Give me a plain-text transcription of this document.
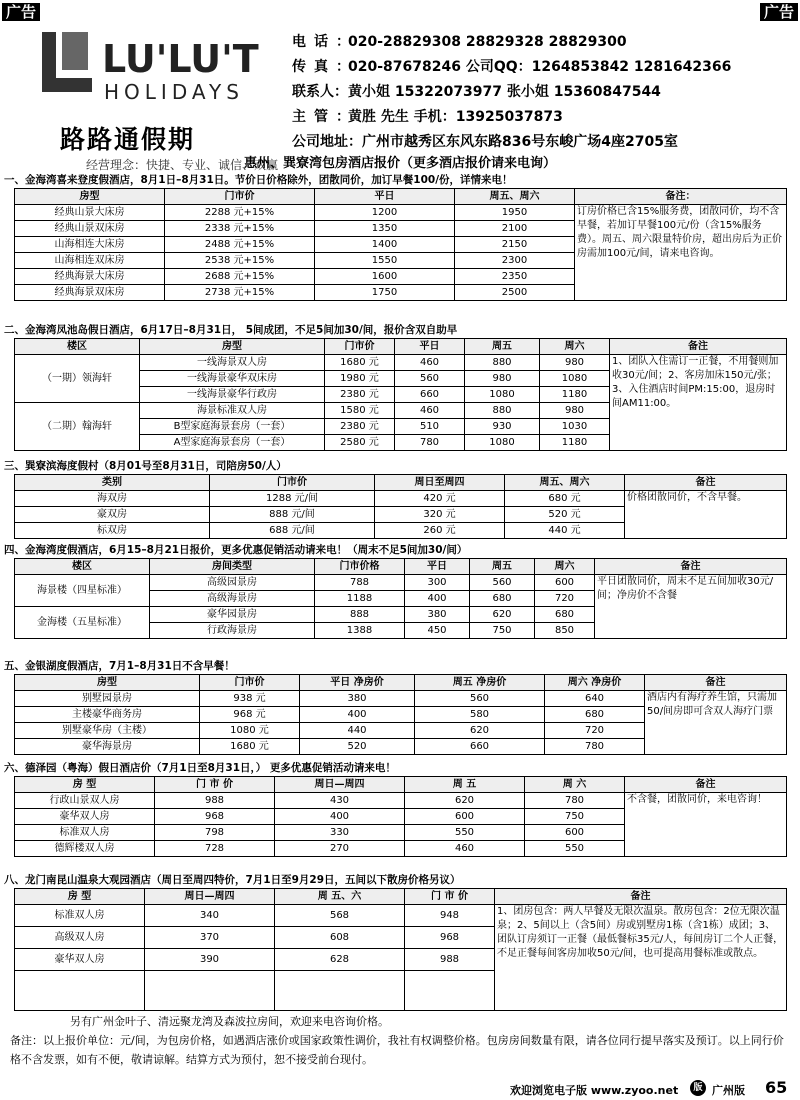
广告	广告
LU'LU'T
HOLIDAYS
路路通假期
经营理念：快捷、专业、诚信、双赢
电话：020-28829308 28829328 28829300
传真：020-87678246 公司QQ：1264853842 1281642366
联系人：黄小姐 15322073977 张小姐 15360847544
主管：黄胜 先生 手机：13925037873
公司地址：广州市越秀区东风东路836号东峻广场4座2705室
惠州、巽寮湾包房酒店报价（更多酒店报价请来电询）
一、金海湾喜来登度假酒店，8月1日–8月31日。节价日价格除外，团散同价，加订早餐100/份，详情来电！
房型	门市价	平日	周五、周六	备注：
经典山景大床房	2288 元+15%	1200	1950	订房价格已含15%服务费，团散同价，均不含早餐，若加订早餐100元/份（含15%服务费）。周五、周六限量特价房，超出房后为正价房需加100元/间，请来电咨询。
经典山景双床房	2338 元+15%	1350	2100	
山海相连大床房	2488 元+15%	1400	2150	
山海相连双床房	2538 元+15%	1550	2300	
经典海景大床房	2688 元+15%	1600	2350	
经典海景双床房	2738 元+15%	1750	2500	
二、金海湾凤池岛假日酒店，6月17日–8月31日， 5间成团，不足5间加30/间，报价含双自助早
楼区	房型	门市价	平日	周五	周六	备注
（一期）领海轩	一线海景双人房	1680 元	460	880	980	1、团队入住需订一正餐，不用餐则加收30元/间；2、客房加床150元/张；3、入住酒店时间PM:15:00，退房时间AM11:00。
	一线海景豪华双床房	1980 元	560	980	1080	
	一线海景豪华行政房	2380 元	660	1080	1180	
（二期）翰海轩	海景标准双人房	1580 元	460	880	980	
	B型家庭海景套房（一套）	2380 元	510	930	1030	
	A型家庭海景套房（一套）	2580 元	780	1080	1180	
三、巽寮滨海度假村（8月01号至8月31日，司陪房50/人）
类别	门市价	周日至周四	周五、周六	备注
海双房	1288 元/间	420 元	680 元	价格团散同价，不含早餐。
豪双房	888 元/间	320 元	520 元	
标双房	688 元/间	260 元	440 元	
四、金海湾度假酒店，6月15–8月21日报价，更多优惠促销活动请来电！（周末不足5间加30/间）
楼区	房间类型	门市价格	平日	周五	周六	备注
海景楼（四星标准）	高级园景房	788	300	560	600	平日团散同价，周末不足五间加收30元/间；净房价不含餐
	高级海景房	1188	400	680	720	
金海楼（五星标准）	豪华园景房	888	380	620	680	
	行政海景房	1388	450	750	850	
五、金银湖度假酒店，7月1–8月31日不含早餐！
房型	门市价	平日 净房价	周五 净房价	周六 净房价	备注
别墅园景房	938 元	380	560	640	酒店内有海疗养生馆，只需加50/间房即可含双人海疗门票
主楼豪华商务房	968 元	400	580	680	
别墅豪华房（主楼）	1080 元	440	620	720	
豪华海景房	1680 元	520	660	780	
六、德泽园（粤海）假日酒店价（7月1日至8月31日，） 更多优惠促销活动请来电！
房 型	门 市 价	周日—周四	周 五	周 六	备注
行政山景双人房	988	430	620	780	不含餐，团散同价，来电咨询！
豪华双人房	968	400	600	750	
标准双人房	798	330	550	600	
德辉楼双人房	728	270	460	550	
八、龙门南昆山温泉大观园酒店（周日至周四特价，7月1日至9月29日，五间以下散房价格另议）
房 型	周日—周四	周 五、六	门 市 价	备注
标准双人房	340	568	948	1、团房包含：两人早餐及无限次温泉。散房包含：2位无限次温泉；2、5间以上（含5间）房或别墅房1栋（含1栋）成团；3、团队订房须订一正餐（最低餐标35元/人，每间房订二个人正餐，不足正餐每间客房加收50元/间，也可提高用餐标准或散点。
高级双人房	370	608	968	
豪华双人房	390	628	988	

另有广州金叶子、清远聚龙湾及森波拉房间，欢迎来电咨询价格。
备注：以上报价单位：元/间，为包房价格，如遇酒店涨价或国家政策性调价，我社有权调整价格。包房房间数量有限，请各位同行提早落实及预订。以上同行价格不含发票，如有不便，敬请谅解。结算方式为预付，恕不接受前台现付。
欢迎浏览电子版 www.zyoo.net	版 广州版 65
